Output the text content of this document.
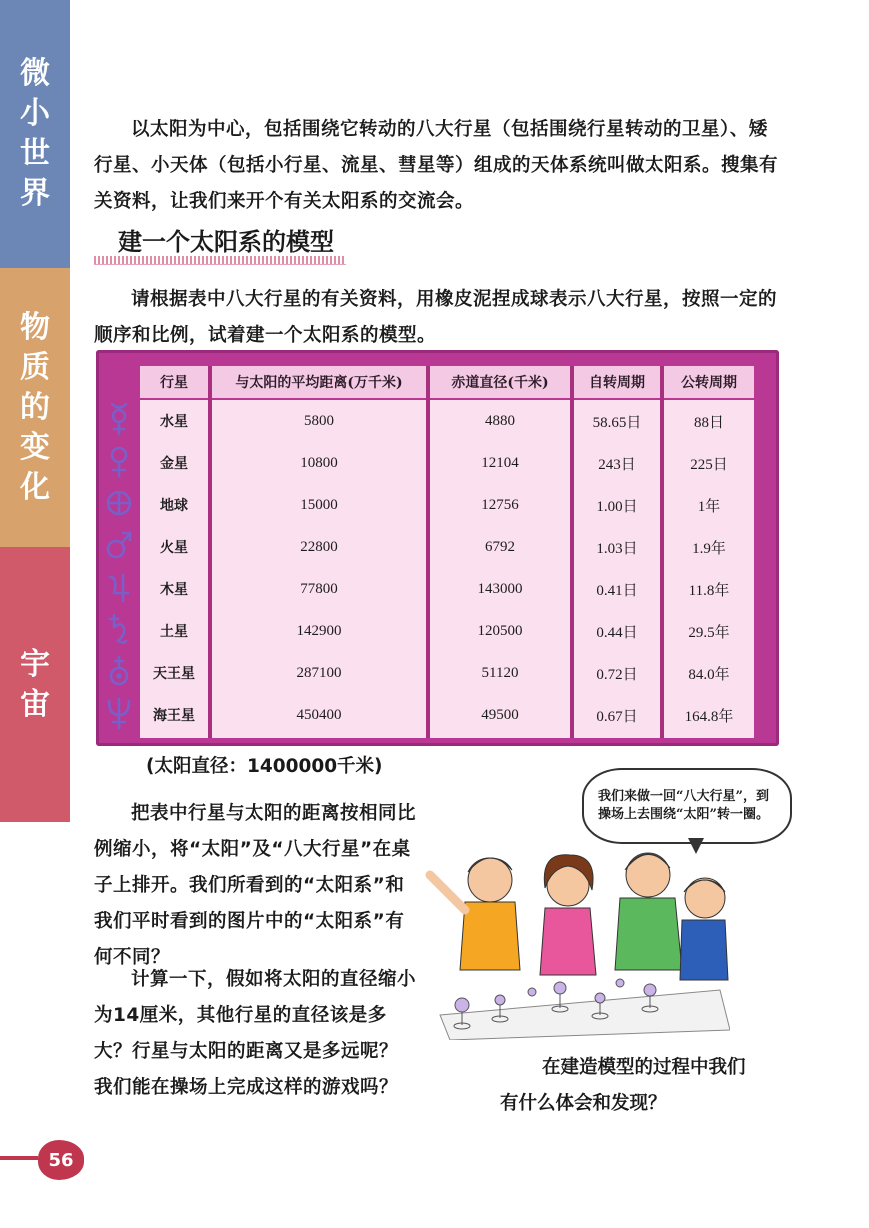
微
小
世
界
物
质
的
变
化
宇
宙
以太阳为中心，包括围绕它转动的八大行星（包括围绕行星转动的卫星）、矮行星、小天体（包括小行星、流星、彗星等）组成的天体系统叫做太阳系。搜集有关资料，让我们来开个有关太阳系的交流会。
建一个太阳系的模型
请根据表中八大行星的有关资料，用橡皮泥捏成球表示八大行星，按照一定的顺序和比例，试着建一个太阳系的模型。
行星
水星
金星
地球
火星
木星
土星
天王星
海王星
与太阳的平均距离(万千米)
5800
10800
15000
22800
77800
142900
287100
450400
赤道直径(千米)
4880
12104
12756
6792
143000
120500
51120
49500
自转周期
58.65日
243日
1.00日
1.03日
0.41日
0.44日
0.72日
0.67日
公转周期
88日
225日
1年
1.9年
11.8年
29.5年
84.0年
164.8年
(太阳直径：1400000千米)
把表中行星与太阳的距离按相同比例缩小，将“太阳”及“八大行星”在桌子上排开。我们所看到的“太阳系”和我们平时看到的图片中的“太阳系”有何不同？
计算一下，假如将太阳的直径缩小为14厘米，其他行星的直径该是多大？行星与太阳的距离又是多远呢？我们能在操场上完成这样的游戏吗？
我们来做一回“八大行星”，到操场上去围绕“太阳”转一圈。
在建造模型的过程中我们
有什么体会和发现？
56
